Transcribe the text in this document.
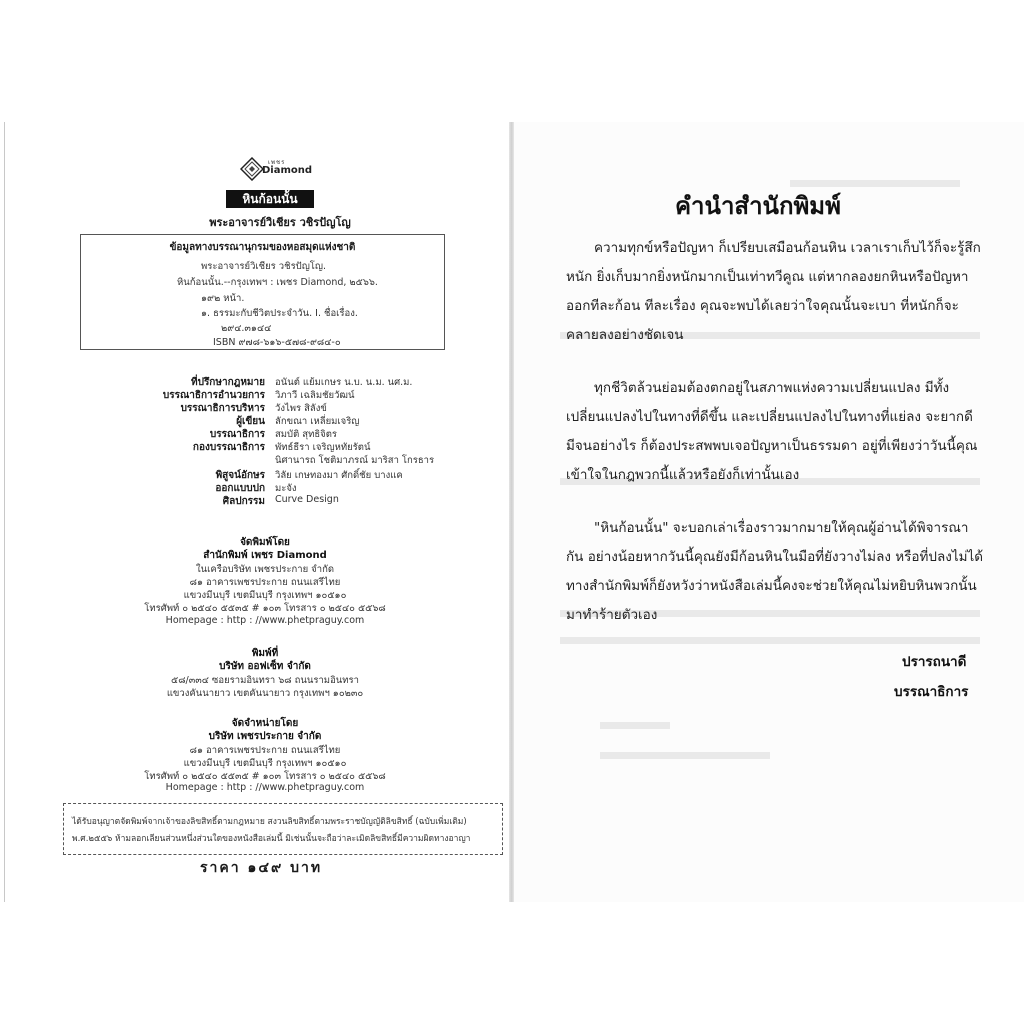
เพชร
Diamond
หินก้อนนั้น
พระอาจารย์วิเชียร วชิรปัญโญ
ข้อมูลทางบรรณานุกรมของหอสมุดแห่งชาติ
พระอาจารย์วิเชียร วชิรปัญโญ.
หินก้อนนั้น.--กรุงเทพฯ : เพชร Diamond, ๒๕๖๖.
๑๙๒ หน้า.
๑. ธรรมะกับชีวิตประจำวัน. I. ชื่อเรื่อง.
๒๙๔.๓๑๔๔
ISBN ๙๗๘-๖๑๖-๕๗๘-๙๘๔-๐
ที่ปรึกษากฎหมาย อนันต์ แย้มเกษร น.บ. น.ม. นศ.ม.
บรรณาธิการอำนวยการ วิภาวี เฉลิมชัยวัฒน์
บรรณาธิการบริหาร วังไพร สิลังข์
ผู้เขียน ลักขณา เหลี่ยมเจริญ
บรรณาธิการ สมบัติ สุทธิจิตร
กองบรรณาธิการ พัทธ์ธีรา เจริญหทัยรัตน์
นิศานารถ โชติมาภรณ์ มาริสา โกรธาร
พิสูจน์อักษร วิลัย เกษทองมา ศักดิ์ชัย บางแค
ออกแบบปก มะจัง
ศิลปกรรม Curve Design
จัดพิมพ์โดย
สำนักพิมพ์ เพชร Diamond
ในเครือบริษัท เพชรประกาย จำกัด
๘๑ อาคารเพชรประกาย ถนนเสรีไทย
แขวงมีนบุรี เขตมีนบุรี กรุงเทพฯ ๑๐๕๑๐
โทรศัพท์ ๐ ๒๕๔๐ ๕๕๓๕ # ๑๐๓ โทรสาร ๐ ๒๕๔๐ ๕๕๖๘
Homepage : http : //www.phetpraguy.com
พิมพ์ที่
บริษัท ออฟเซ็ท จำกัด
๕๘/๓๓๔ ซอยรามอินทรา ๖๘ ถนนรามอินทรา
แขวงคันนายาว เขตคันนายาว กรุงเทพฯ ๑๐๒๓๐
จัดจำหน่ายโดย
บริษัท เพชรประกาย จำกัด
๘๑ อาคารเพชรประกาย ถนนเสรีไทย
แขวงมีนบุรี เขตมีนบุรี กรุงเทพฯ ๑๐๕๑๐
โทรศัพท์ ๐ ๒๕๔๐ ๕๕๓๕ # ๑๐๓ โทรสาร ๐ ๒๕๔๐ ๕๕๖๘
Homepage : http : //www.phetpraguy.com
ได้รับอนุญาตจัดพิมพ์จากเจ้าของลิขสิทธิ์ตามกฎหมาย สงวนลิขสิทธิ์ตามพระราชบัญญัติลิขสิทธิ์ (ฉบับเพิ่มเติม)
พ.ศ.๒๕๕๖ ห้ามลอกเลียนส่วนหนึ่งส่วนใดของหนังสือเล่มนี้ มิเช่นนั้นจะถือว่าละเมิดลิขสิทธิ์มีความผิดทางอาญา
ราคา ๑๔๙ บาท
คำนำสำนักพิมพ์
ความทุกข์หรือปัญหา ก็เปรียบเสมือนก้อนหิน เวลาเราเก็บไว้ก็จะรู้สึก
หนัก ยิ่งเก็บมากยิ่งหนักมากเป็นเท่าทวีคูณ แต่หากลองยกหินหรือปัญหา
ออกทีละก้อน ทีละเรื่อง คุณจะพบได้เลยว่าใจคุณนั้นจะเบา ที่หนักก็จะ
คลายลงอย่างชัดเจน
ทุกชีวิตล้วนย่อมต้องตกอยู่ในสภาพแห่งความเปลี่ยนแปลง มีทั้ง
เปลี่ยนแปลงไปในทางที่ดีขึ้น และเปลี่ยนแปลงไปในทางที่แย่ลง จะยากดี
มีจนอย่างไร ก็ต้องประสพพบเจอปัญหาเป็นธรรมดา อยู่ที่เพียงว่าวันนี้คุณ
เข้าใจในกฎพวกนี้แล้วหรือยังก็เท่านั้นเอง
"หินก้อนนั้น" จะบอกเล่าเรื่องราวมากมายให้คุณผู้อ่านได้พิจารณา
กัน อย่างน้อยหากวันนี้คุณยังมีก้อนหินในมือที่ยังวางไม่ลง หรือที่ปลงไม่ได้
ทางสำนักพิมพ์ก็ยังหวังว่าหนังสือเล่มนี้คงจะช่วยให้คุณไม่หยิบหินพวกนั้น
มาทำร้ายตัวเอง
ปรารถนาดี
บรรณาธิการ
